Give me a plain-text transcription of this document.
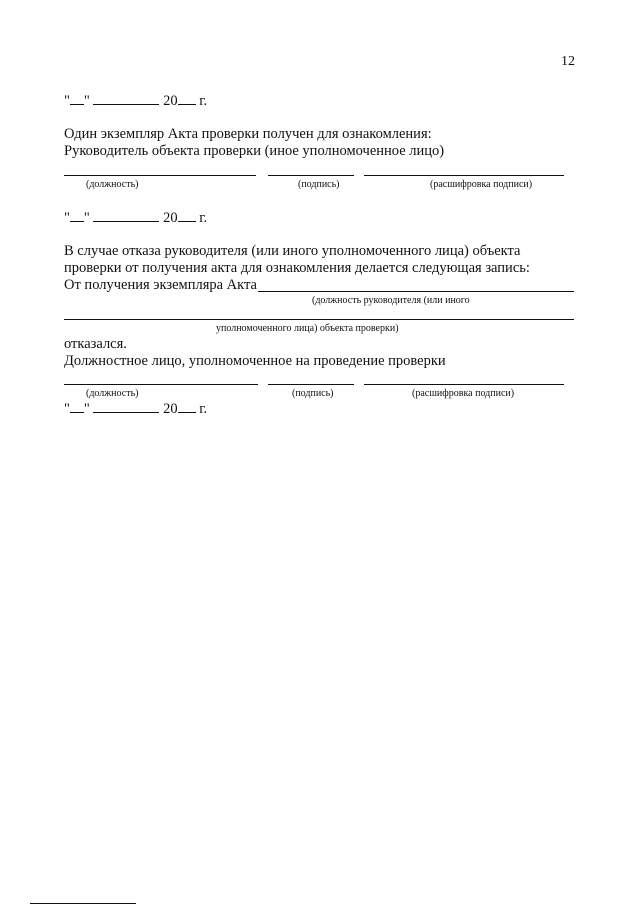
12
" "	20 г.
Один экземпляр Акта проверки получен для ознакомления:
Руководитель объекта проверки (иное уполномоченное лицо)
(должность)	(подпись)	(расшифровка подписи)
" "	20 г.
В случае отказа руководителя (или иного уполномоченного лица) объекта
проверки от получения акта для ознакомления делается следующая запись:
От получения экземпляра Акта
(должность руководителя (или иного
уполномоченного лица) объекта проверки)
отказался.
Должностное лицо, уполномоченное на проведение проверки
(должность)	(подпись)	(расшифровка подписи)
" "	20 г.
